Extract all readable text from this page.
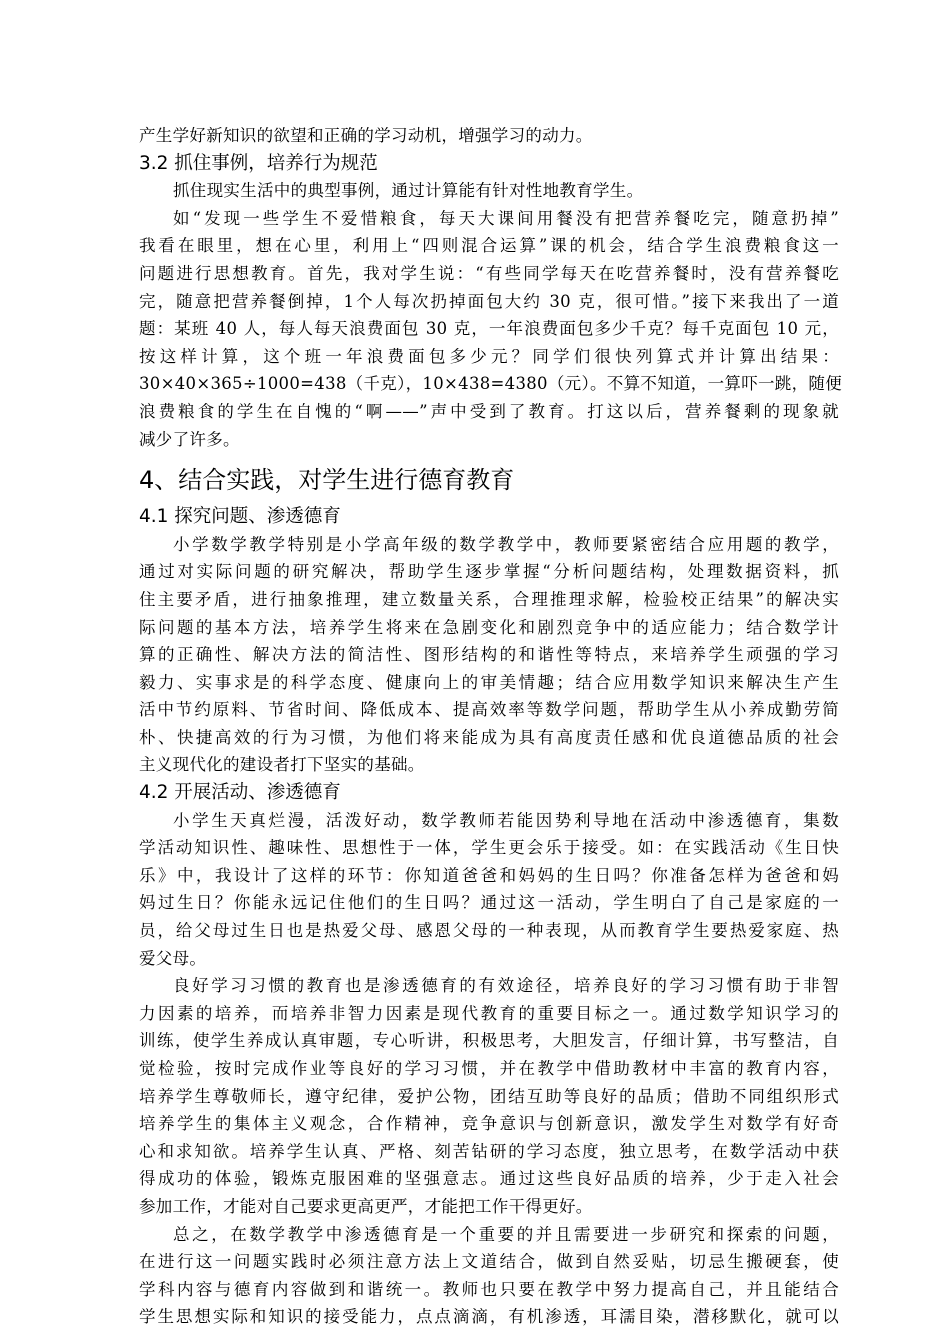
产生学好新知识的欲望和正确的学习动机，增强学习的动力。
3.2 抓住事例，培养行为规范
抓住现实生活中的典型事例，通过计算能有针对性地教育学生。
如“发现一些学生不爱惜粮食，每天大课间用餐没有把营养餐吃完，随意扔掉”
我看在眼里，想在心里，利用上“四则混合运算”课的机会，结合学生浪费粮食这一
问题进行思想教育。首先，我对学生说：“有些同学每天在吃营养餐时，没有营养餐吃
完，随意把营养餐倒掉，1个人每次扔掉面包大约 30 克，很可惜。”接下来我出了一道
题：某班 40 人，每人每天浪费面包 30 克，一年浪费面包多少千克？每千克面包 10 元，
按这样计算，这个班一年浪费面包多少元？同学们很快列算式并计算出结果：
30×40×365÷1000=438（千克），10×438=4380（元）。不算不知道，一算吓一跳，随便
浪费粮食的学生在自愧的“啊——”声中受到了教育。打这以后，营养餐剩的现象就
减少了许多。
4、结合实践，对学生进行德育教育
4.1 探究问题、渗透德育
小学数学教学特别是小学高年级的数学教学中，教师要紧密结合应用题的教学，
通过对实际问题的研究解决，帮助学生逐步掌握“分析问题结构，处理数据资料，抓
住主要矛盾，进行抽象推理，建立数量关系，合理推理求解，检验校正结果”的解决实
际问题的基本方法，培养学生将来在急剧变化和剧烈竞争中的适应能力；结合数学计
算的正确性、解决方法的简洁性、图形结构的和谐性等特点，来培养学生顽强的学习
毅力、实事求是的科学态度、健康向上的审美情趣；结合应用数学知识来解决生产生
活中节约原料、节省时间、降低成本、提高效率等数学问题，帮助学生从小养成勤劳简
朴、快捷高效的行为习惯，为他们将来能成为具有高度责任感和优良道德品质的社会
主义现代化的建设者打下坚实的基础。
4.2 开展活动、渗透德育
小学生天真烂漫，活泼好动，数学教师若能因势利导地在活动中渗透德育，集数
学活动知识性、趣味性、思想性于一体，学生更会乐于接受。如：在实践活动《生日快
乐》中，我设计了这样的环节：你知道爸爸和妈妈的生日吗？你准备怎样为爸爸和妈
妈过生日？你能永远记住他们的生日吗？通过这一活动，学生明白了自己是家庭的一
员，给父母过生日也是热爱父母、感恩父母的一种表现，从而教育学生要热爱家庭、热
爱父母。
良好学习习惯的教育也是渗透德育的有效途径，培养良好的学习习惯有助于非智
力因素的培养，而培养非智力因素是现代教育的重要目标之一。通过数学知识学习的
训练，使学生养成认真审题，专心听讲，积极思考，大胆发言，仔细计算，书写整洁，自
觉检验，按时完成作业等良好的学习习惯，并在教学中借助教材中丰富的教育内容，
培养学生尊敬师长，遵守纪律，爱护公物，团结互助等良好的品质；借助不同组织形式
培养学生的集体主义观念，合作精神，竞争意识与创新意识，激发学生对数学有好奇
心和求知欲。培养学生认真、严格、刻苦钻研的学习态度，独立思考，在数学活动中获
得成功的体验，锻炼克服困难的坚强意志。通过这些良好品质的培养，少于走入社会
参加工作，才能对自己要求更高更严，才能把工作干得更好。
总之，在数学教学中渗透德育是一个重要的并且需要进一步研究和探索的问题，
在进行这一问题实践时必须注意方法上文道结合，做到自然妥贴，切忌生搬硬套，使
学科内容与德育内容做到和谐统一。教师也只要在教学中努力提高自己，并且能结合
学生思想实际和知识的接受能力，点点滴滴，有机渗透，耳濡目染，潜移默化，就可以
